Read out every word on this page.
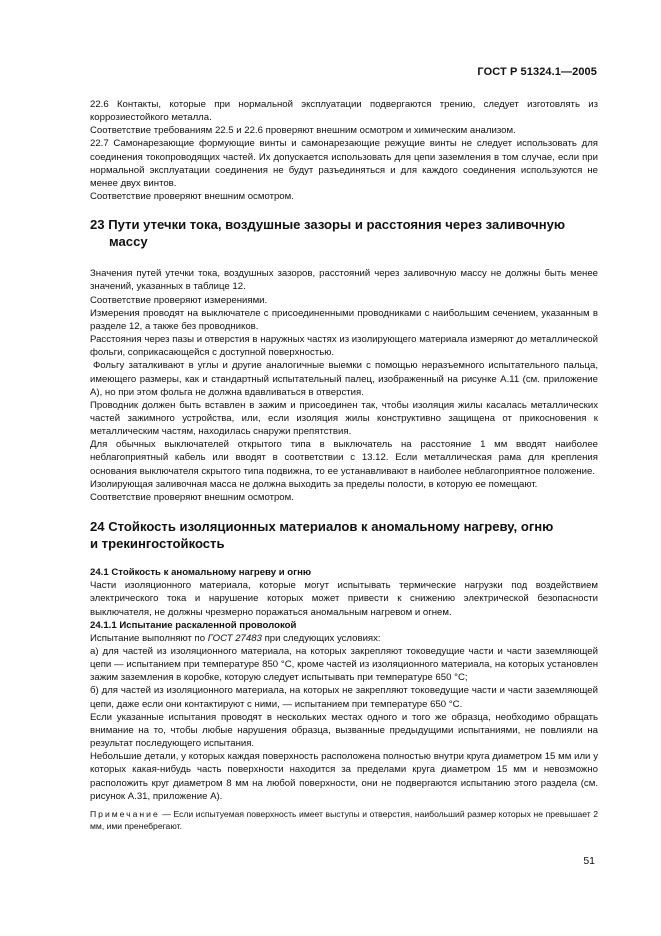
ГОСТ Р 51324.1—2005

22.6 Контакты, которые при нормальной эксплуатации подвергаются трению, следует изготовлять из коррозиестойкого металла.

Соответствие требованиям 22.5 и 22.6 проверяют внешним осмотром и химическим анализом.

22.7 Самонарезающие формующие винты и самонарезающие режущие винты не следует использовать для соединения токопроводящих частей. Их допускается использовать для цепи заземления в том случае, если при нормальной эксплуатации соединения не будут разъединяться и для каждого соединения используются не менее двух винтов.

Соответствие проверяют внешним осмотром.

23 Пути утечки тока, воздушные зазоры и расстояния через заливочную
массу

Значения путей утечки тока, воздушных зазоров, расстояний через заливочную массу не должны быть менее значений, указанных в таблице 12.

Соответствие проверяют измерениями.

Измерения проводят на выключателе с присоединенными проводниками с наибольшим сечением, указанным в разделе 12, а также без проводников.

Расстояния через пазы и отверстия в наружных частях из изолирующего материала измеряют до металлической фольги, соприкасающейся с доступной поверхностью.

Фольгу заталкивают в углы и другие аналогичные выемки с помощью неразъемного испытательного пальца, имеющего размеры, как и стандартный испытательный палец, изображенный на рисунке А.11 (см. приложение А), но при этом фольга не должна вдавливаться в отверстия.

Проводник должен быть вставлен в зажим и присоединен так, чтобы изоляция жилы касалась металлических частей зажимного устройства, или, если изоляция жилы конструктивно защищена от прикосновения к металлическим частям, находилась снаружи препятствия.

Для обычных выключателей открытого типа в выключатель на расстояние 1 мм вводят наиболее неблагоприятный кабель или вводят в соответствии с 13.12. Если металлическая рама для крепления основания выключателя скрытого типа подвижна, то ее устанавливают в наиболее неблагоприятное положение.

Изолирующая заливочная масса не должна выходить за пределы полости, в которую ее помещают.

Соответствие проверяют внешним осмотром.

24 Стойкость изоляционных материалов к аномальному нагреву, огню
и трекингостойкость

24.1 Стойкость к аномальному нагреву и огню

Части изоляционного материала, которые могут испытывать термические нагрузки под воздействием электрического тока и нарушение которых может привести к снижению электрической безопасности выключателя, не должны чрезмерно поражаться аномальным нагревом и огнем.

24.1.1 Испытание раскаленной проволокой

Испытание выполняют по ГОСТ 27483 при следующих условиях:

а) для частей из изоляционного материала, на которых закрепляют токоведущие части и части заземляющей цепи — испытанием при температуре 850 °С, кроме частей из изоляционного материала, на которых установлен зажим заземления в коробке, которую следует испытывать при температуре 650 °С;

б) для частей из изоляционного материала, на которых не закрепляют токоведущие части и части заземляющей цепи, даже если они контактируют с ними, — испытанием при температуре 650 °С.

Если указанные испытания проводят в нескольких местах одного и того же образца, необходимо обращать внимание на то, чтобы любые нарушения образца, вызванные предыдущими испытаниями, не повлияли на результат последующего испытания.

Небольшие детали, у которых каждая поверхность расположена полностью внутри круга диаметром 15 мм или у которых какая-нибудь часть поверхности находится за пределами круга диаметром 15 мм и невозможно расположить круг диаметром 8 мм на любой поверхности, они не подвергаются испытанию этого раздела (см. рисунок А.31, приложение А).

Примечание — Если испытуемая поверхность имеет выступы и отверстия, наибольший размер которых не превышает 2 мм, ими пренебрегают.

51
